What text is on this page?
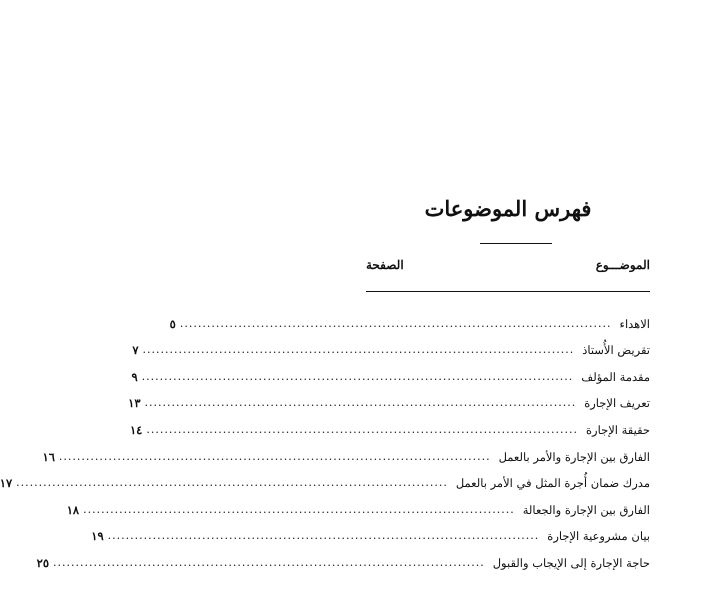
فهرس الموضوعات
الموضـــوع
الصفحة
الاهداء
................................................................................................
٥
تقريض الأُستاذ
................................................................................................
٧
مقدمة المؤلف
................................................................................................
٩
تعريف الإجارة
................................................................................................
١٣
حقيقة الإجارة
................................................................................................
١٤
الفارق بين الإجارة والأمر بالعمل
................................................................................................
١٦
مدرك ضمان أُجرة المثل في الأمر بالعمل
................................................................................................
١٧
الفارق بين الإجارة والجعالة
................................................................................................
١٨
بيان مشروعية الإجارة
................................................................................................
١٩
حاجة الإجارة إلى الإيجاب والقبول
................................................................................................
٢٥
